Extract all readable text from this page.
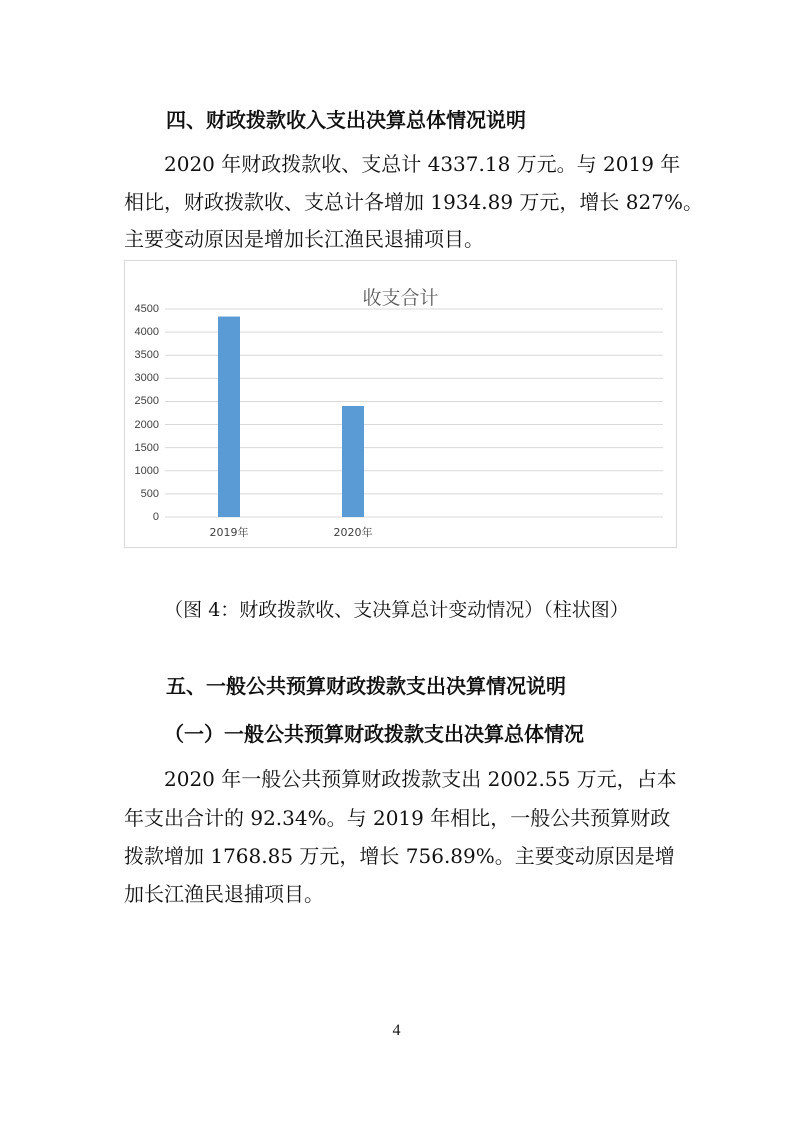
四、财政拨款收入支出决算总体情况说明
2020 年财政拨款收、支总计 4337.18 万元。与 2019 年
相比，财政拨款收、支总计各增加 1934.89 万元，增长 827%。
主要变动原因是增加长江渔民退捕项目。
收支合计
0
500
1000
1500
2000
2500
3000
3500
4000
4500
2019年	2020年
（图 4：财政拨款收、支决算总计变动情况）（柱状图）
五、一般公共预算财政拨款支出决算情况说明
（一）一般公共预算财政拨款支出决算总体情况
2020 年一般公共预算财政拨款支出 2002.55 万元，占本
年支出合计的 92.34%。与 2019 年相比，一般公共预算财政
拨款增加 1768.85 万元，增长 756.89%。主要变动原因是增
加长江渔民退捕项目。
4
